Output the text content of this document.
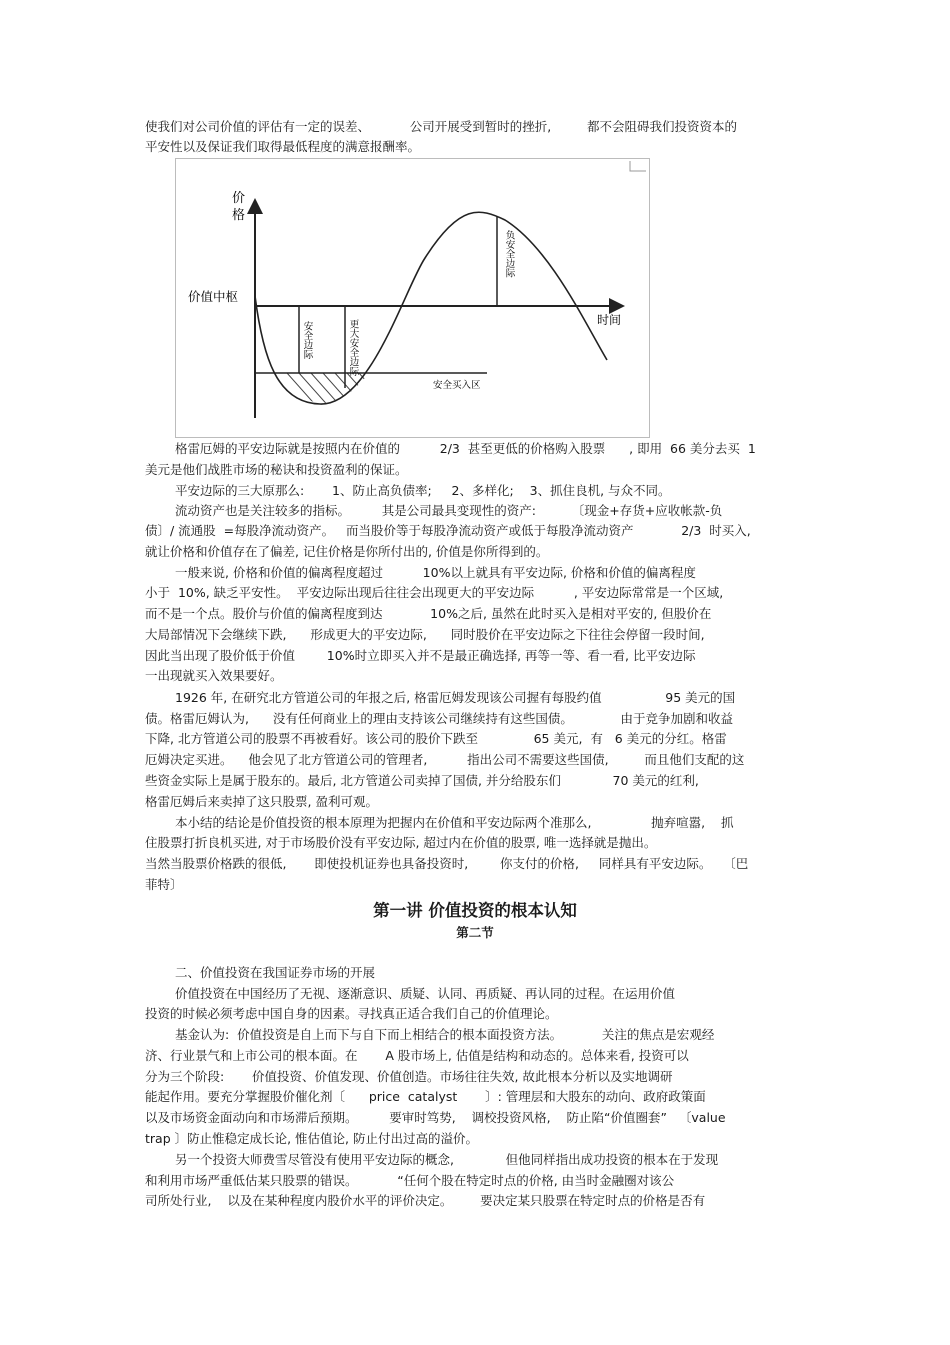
使我们对公司价值的评估有一定的误差、          公司开展受到暂时的挫折,         都不会阻碍我们投资资本的

平安性以及保证我们取得最低程度的满意报酬率。

价
格
时间
价值中枢
安全边际	更大安全边际
负安全边际
安全买入区

格雷厄姆的平安边际就是按照内在价值的          2/3  甚至更低的价格购入股票      , 即用  66 美分去买  1

美元是他们战胜市场的秘诀和投资盈利的保证。

平安边际的三大原那么:       1、防止高负债率;     2、多样化;    3、抓住良机, 与众不同。

流动资产也是关注较多的指标。        其是公司最具变现性的资产:         〔现金+存货+应收帐款-负

债〕/ 流通股  =每股净流动资产。   而当股价等于每股净流动资产或低于每股净流动资产            2/3  时买入,

就让价格和价值存在了偏差, 记住价格是你所付出的, 价值是你所得到的。

一般来说, 价格和价值的偏离程度超过          10%以上就具有平安边际, 价格和价值的偏离程度

小于  10%, 缺乏平安性。  平安边际出现后往往会出现更大的平安边际          , 平安边际常常是一个区域,

而不是一个点。股价与价值的偏离程度到达            10%之后, 虽然在此时买入是相对平安的, 但股价在

大局部情况下会继续下跌,      形成更大的平安边际,      同时股价在平安边际之下往往会停留一段时间,

因此当出现了股价低于价值        10%时立即买入并不是最正确选择, 再等一等、看一看, 比平安边际

一出现就买入效果要好。

1926 年, 在研究北方管道公司的年报之后, 格雷厄姆发现该公司握有每股约值                95 美元的国

债。格雷厄姆认为,      没有任何商业上的理由支持该公司继续持有这些国债。            由于竞争加剧和收益

下降, 北方管道公司的股票不再被看好。该公司的股价下跌至              65 美元,  有   6 美元的分红。格雷

厄姆决定买进。    他会见了北方管道公司的管理者,          指出公司不需要这些国债,         而且他们支配的这

些资金实际上是属于股东的。最后, 北方管道公司卖掉了国债, 并分给股东们             70 美元的红利,

格雷厄姆后来卖掉了这只股票, 盈利可观。

本小结的结论是价值投资的根本原理为把握内在价值和平安边际两个准那么,               抛弃喧嚣,    抓

住股票打折良机买进, 对于市场股价没有平安边际, 超过内在价值的股票, 唯一选择就是抛出。

当然当股票价格跌的很低,       即使投机证券也具备投资时,        你支付的价格,     同样具有平安边际。   〔巴

菲特〕

第一讲 价值投资的根本认知
第二节

二、价值投资在我国证券市场的开展

价值投资在中国经历了无视、逐渐意识、质疑、认同、再质疑、再认同的过程。在运用价值

投资的时候必须考虑中国自身的因素。寻找真正适合我们自己的价值理论。

基金认为:  价值投资是自上而下与自下而上相结合的根本面投资方法。          关注的焦点是宏观经

济、行业景气和上市公司的根本面。在       A 股市场上, 估值是结构和动态的。总体来看, 投资可以

分为三个阶段:       价值投资、价值发现、价值创造。市场往往失效, 故此根本分析以及实地调研

能起作用。要充分掌握股价催化剂〔      price  catalyst       〕: 管理层和大股东的动向、政府政策面

以及市场资金面动向和市场滞后预期。        要审时笃势,    调校投资风格,    防止陷“价值圈套”   〔value

trap 〕防止惟稳定成长论, 惟估值论, 防止付出过高的溢价。

另一个投资大师费雪尽管没有使用平安边际的概念,             但他同样指出成功投资的根本在于发现

和利用市场严重低估某只股票的错误。          “任何个股在特定时点的价格, 由当时金融圈对该公

司所处行业,    以及在某种程度内股价水平的评价决定。       要决定某只股票在特定时点的价格是否有
